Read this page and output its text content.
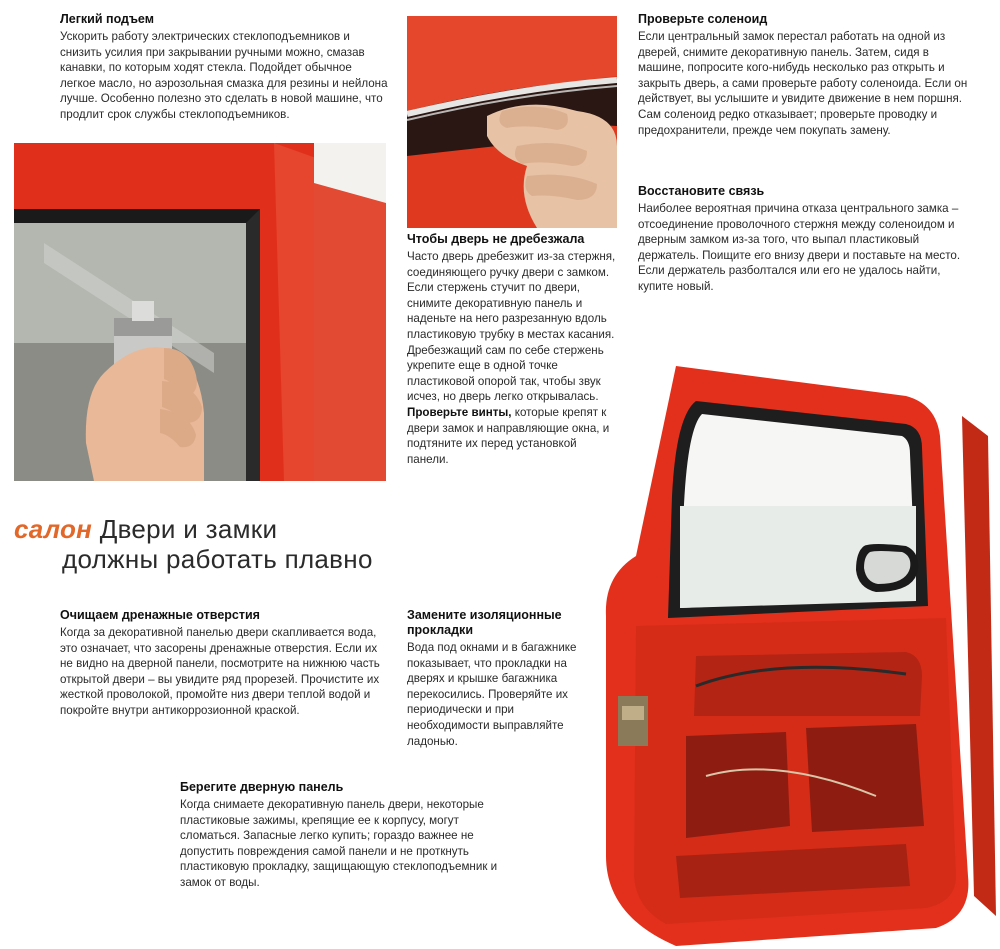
Легкий подъем

Ускорить работу электрических стеклоподъемников и снизить усилия при закрывании ручными можно, смазав канавки, по которым ходят стекла. Подойдет обычное легкое масло, но аэрозольная смазка для резины и нейлона лучше. Особенно полезно это сделать в новой машине, что продлит срок службы стеклоподъемников.

Чтобы дверь не дребезжала

Часто дверь дребезжит из-за стержня, соединяющего ручку двери с замком. Если стержень стучит по двери, снимите декоративную панель и наденьте на него разрезанную вдоль пластиковую трубку в местах касания. Дребезжащий сам по себе стержень укрепите еще в одной точке пластиковой опорой так, чтобы звук исчез, но дверь легко открывалась. Проверьте винты, которые крепят к двери замок и направляющие окна, и подтяните их перед установкой панели.

Проверьте соленоид

Если центральный замок перестал работать на одной из дверей, снимите декоративную панель. Затем, сидя в машине, попросите кого-нибудь несколько раз открыть и закрыть дверь, а сами проверьте работу соленоида. Если он действует, вы услышите и увидите движение в нем поршня. Сам соленоид редко отказывает; проверьте проводку и предохранители, прежде чем покупать замену.

Восстановите связь

Наиболее вероятная причина отказа центрального замка – отсоединение проволочного стержня между соленоидом и дверным замком из-за того, что выпал пластиковый держатель. Поищите его внизу двери и поставьте на место. Если держатель разболтался или его не удалось найти, купите новый.

салон Двери и замки
должны работать плавно
Очищаем дренажные отверстия

Когда за декоративной панелью двери скапливается вода, это означает, что засорены дренажные отверстия. Если их не видно на дверной панели, посмотрите на нижнюю часть открытой двери – вы увидите ряд прорезей. Прочистите их жесткой проволокой, промойте низ двери теплой водой и покройте внутри антикоррозионной краской.

Замените изоляционные прокладки

Вода под окнами и в багажнике показывает, что прокладки на дверях и крышке багажника перекосились. Проверяйте их периодически и при необходимости выправляйте ладонью.

Берегите дверную панель

Когда снимаете декоративную панель двери, некоторые пластиковые зажимы, крепящие ее к корпусу, могут сломаться. Запасные легко купить; гораздо важнее не допустить повреждения самой панели и не проткнуть пластиковую прокладку, защищающую стеклоподъемник и замок от воды.
